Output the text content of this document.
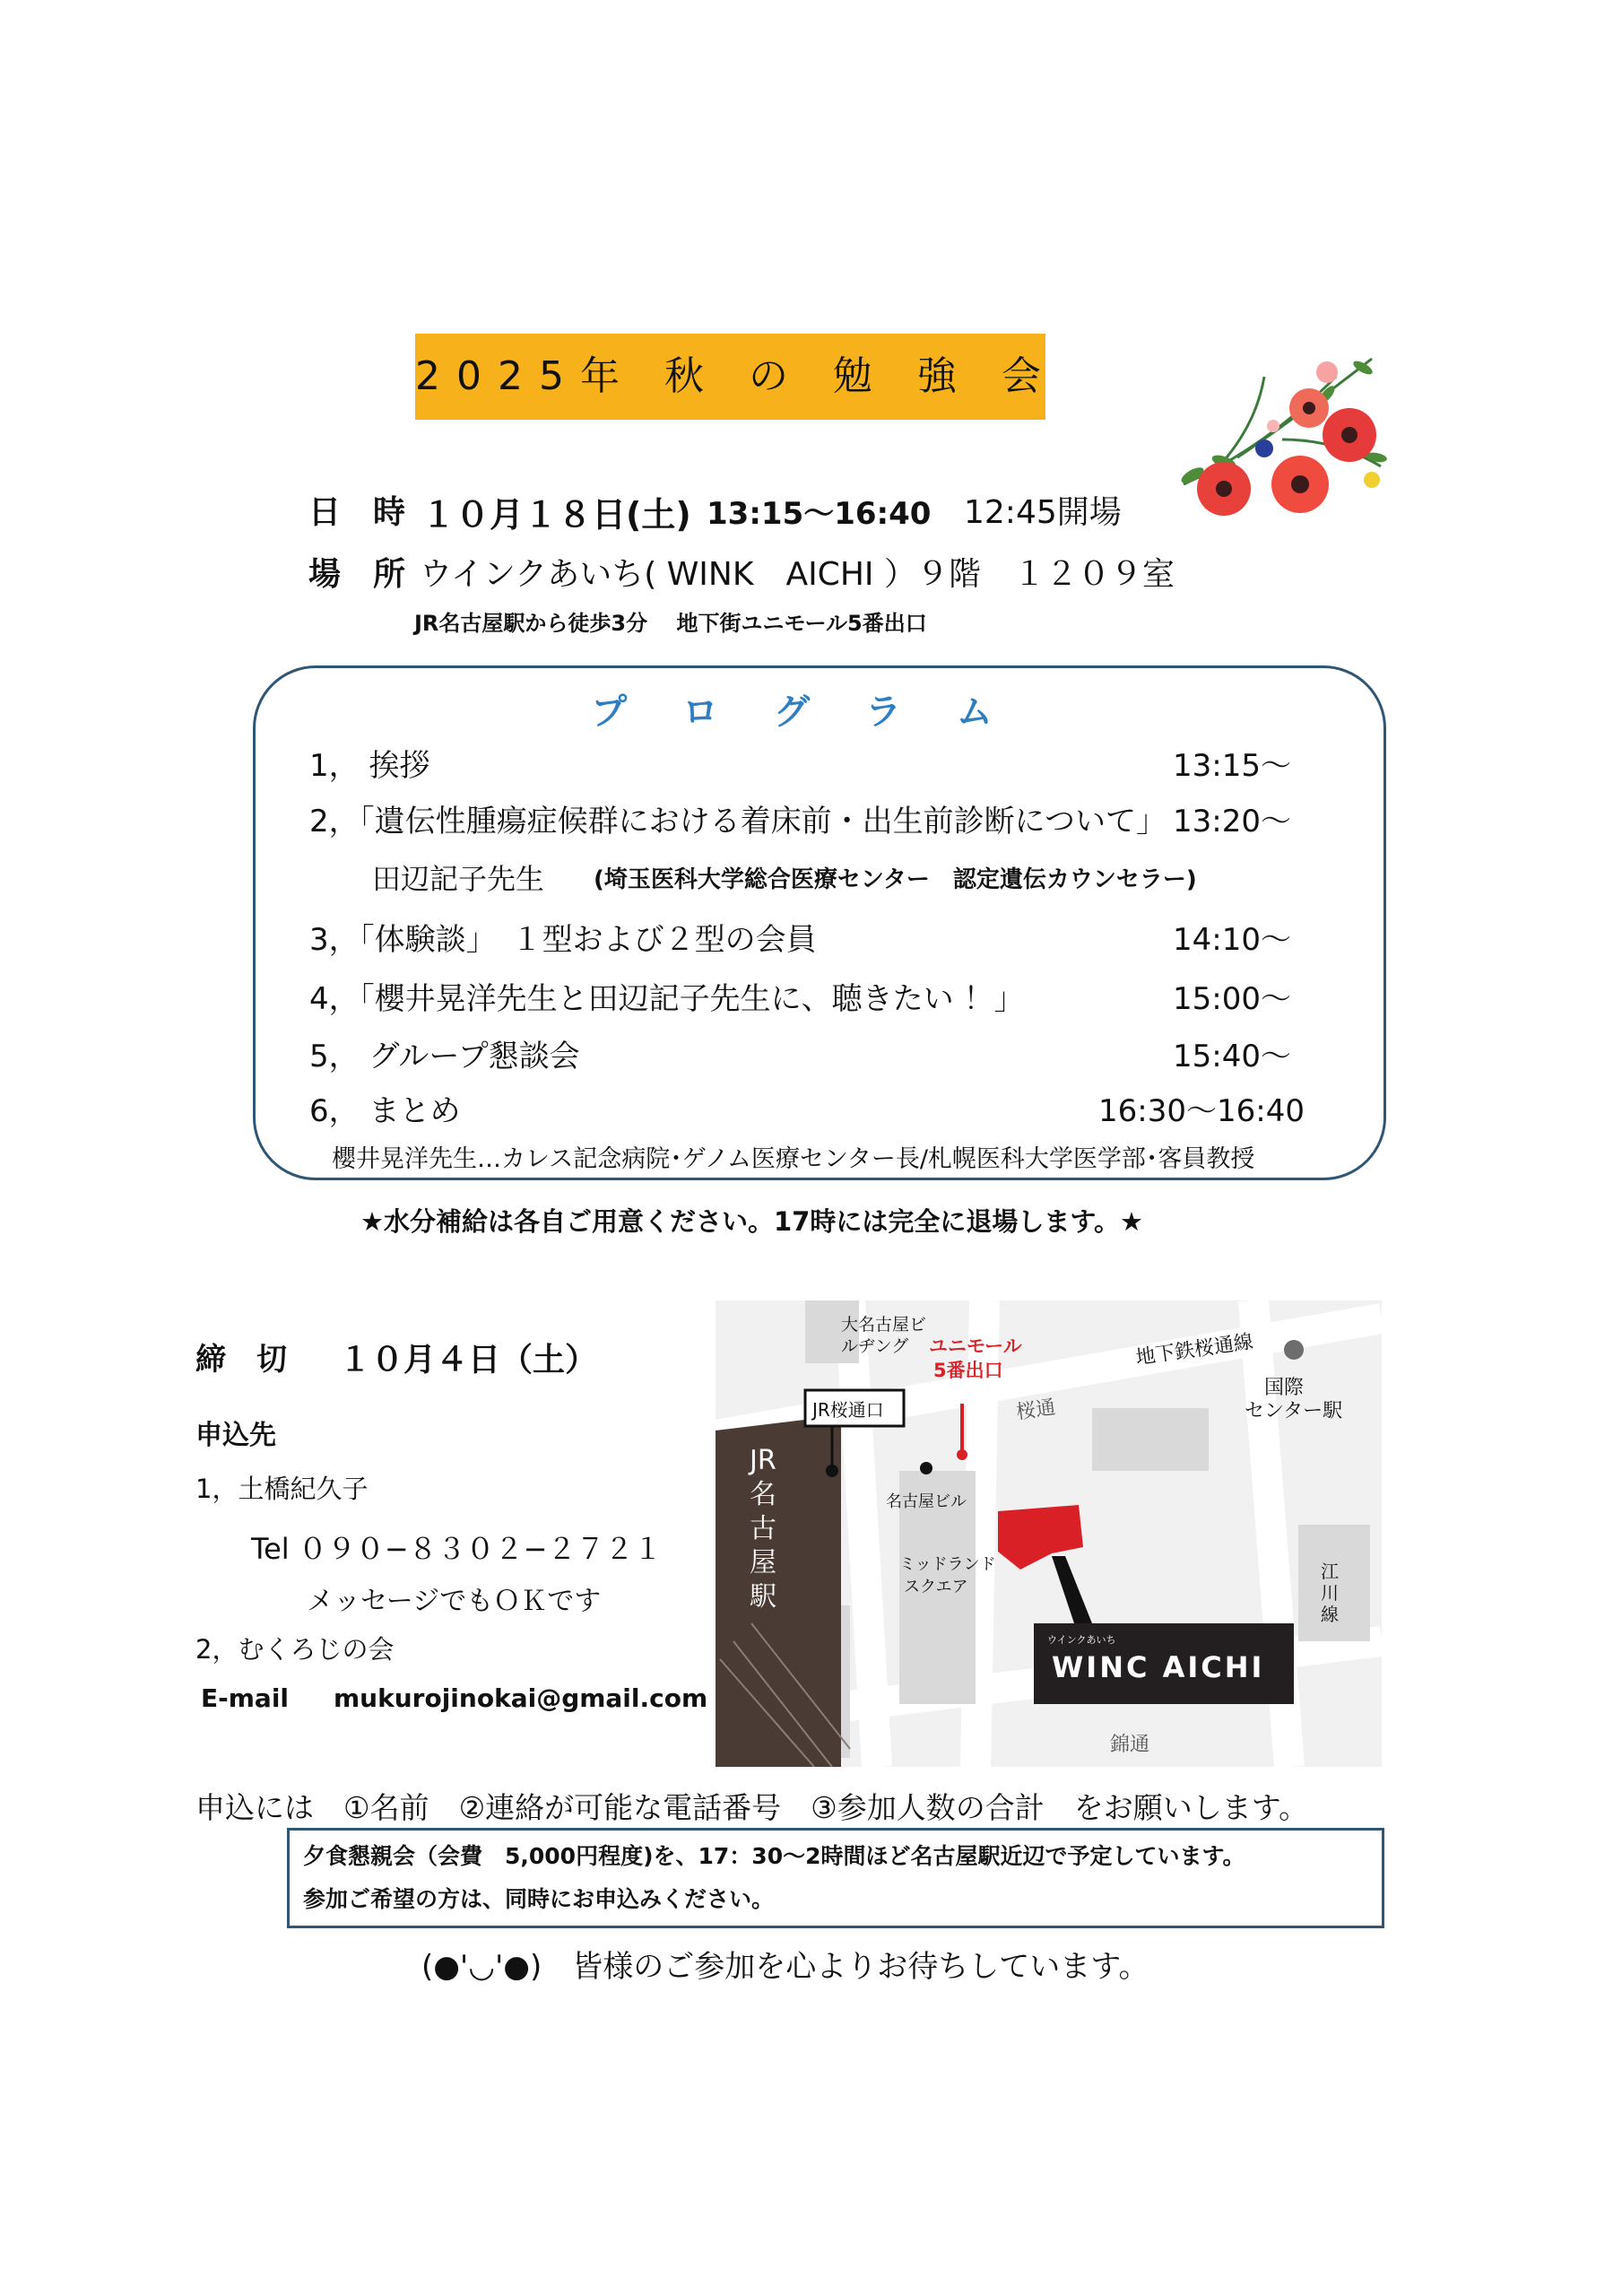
2025年 秋 の 勉 強 会
日　時 １０月１８日(土) 13:15〜16:40 12:45開場
場　所 ウインクあいち( WINK　AICHI ）９階　１２０９室
JR名古屋駅から徒歩3分　 地下街ユニモール5番出口
プログラム
1， 挨拶	13:15〜
2，「遺伝性腫瘍症候群における着床前・出生前診断について」 13:20〜
田辺記子先生 (埼玉医科大学総合医療センター　認定遺伝カウンセラー)
3，「体験談」　１型および２型の会員	14:10〜
4，「櫻井晃洋先生と田辺記子先生に、聴きたい ！」	15:00〜
5， グループ懇談会	15:40〜
6， まとめ	16:30〜16:40
櫻井晃洋先生…カレス記念病院･ゲノム医療センター長/札幌医科大学医学部･客員教授
★水分補給は各自ご用意ください。17時には完全に退場します。★
締　切 １０月４日（土）
申込先
1，土橋紀久子
Tel ０９０−８３０２−２７２１
メッセージでもＯＫです
2，むくろじの会
E-mail mukurojinokai@gmail.com
大名古屋ビルヂング	ユニモール
5番出口
地下鉄桜通線
国際
センター駅
JR桜通口	桜通
JR名古屋駅
名古屋ビル
ミッドランド
スクエア
江川線
ウインクあいち
WINC AICHI
錦通
申込には　①名前　②連絡が可能な電話番号　③参加人数の合計　をお願いします。
夕食懇親会（会費　5,000円程度)を、17：30〜2時間ほど名古屋駅近辺で予定しています。
参加ご希望の方は、同時にお申込みください。
(●'◡'●)　皆様のご参加を心よりお待ちしています。
